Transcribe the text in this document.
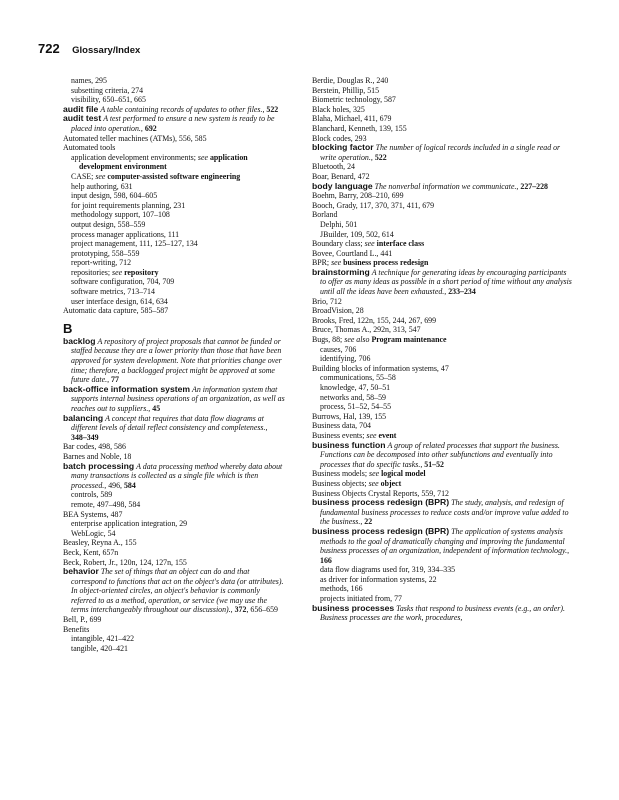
722 Glossary/Index
names, 295
subsetting criteria, 274
visibility, 650–651, 665
audit file A table containing records of updates to other files., 522
audit test A test performed to ensure a new system is ready to be placed into operation., 692
Automated teller machines (ATMs), 556, 585
Automated tools
application development environments; see application development environment
CASE; see computer-assisted software engineering
help authoring, 631
input design, 598, 604–605
for joint requirements planning, 231
methodology support, 107–108
output design, 558–559
process manager applications, 111
project management, 111, 125–127, 134
prototyping, 558–559
report-writing, 712
repositories; see repository
software configuration, 704, 709
software metrics, 713–714
user interface design, 614, 634
Automatic data capture, 585–587
B
backlog A repository of project proposals that cannot be funded or staffed because they are a lower priority than those that have been approved for system development. Note that priorities change over time; therefore, a backlogged project might be approved at some future date., 77
back-office information system An information system that supports internal business operations of an organization, as well as reaches out to suppliers., 45
balancing A concept that requires that data flow diagrams at different levels of detail reflect consistency and completeness., 348–349
Bar codes, 498, 586
Barnes and Noble, 18
batch processing A data processing method whereby data about many transactions is collected as a single file which is then processed., 496, 584
controls, 589
remote, 497–498, 584
BEA Systems, 487
enterprise application integration, 29
WebLogic, 54
Beasley, Reyna A., 155
Beck, Kent, 657n
Beck, Robert, Jr., 120n, 124, 127n, 155
behavior The set of things that an object can do and that correspond to functions that act on the object's data (or attributes). In object-oriented circles, an object's behavior is commonly referred to as a method, operation, or service (we may use the terms interchangeably throughout our discussion)., 372, 656–659
Bell, P., 699
Benefits
intangible, 421–422
tangible, 420–421
Berdie, Douglas R., 240
Berstein, Phillip, 515
Biometric technology, 587
Black holes, 325
Blaha, Michael, 411, 679
Blanchard, Kenneth, 139, 155
Block codes, 293
blocking factor The number of logical records included in a single read or write operation., 522
Bluetooth, 24
Boar, Benard, 472
body language The nonverbal information we communicate., 227–228
Boehm, Barry, 208–210, 699
Booch, Grady, 117, 370, 371, 411, 679
Borland
Delphi, 501
JBuilder, 109, 502, 614
Boundary class; see interface class
Bovee, Courtland L., 441
BPR; see business process redesign
brainstorming A technique for generating ideas by encouraging participants to offer as many ideas as possible in a short period of time without any analysis until all the ideas have been exhausted., 233–234
Brio, 712
BroadVision, 28
Brooks, Fred, 122n, 155, 244, 267, 699
Bruce, Thomas A., 292n, 313, 547
Bugs, 88; see also Program maintenance
causes, 706
identifying, 706
Building blocks of information systems, 47
communications, 55–58
knowledge, 47, 50–51
networks and, 58–59
process, 51–52, 54–55
Burrows, Hal, 139, 155
Business data, 704
Business events; see event
business function A group of related processes that support the business. Functions can be decomposed into other subfunctions and eventually into processes that do specific tasks., 51–52
Business models; see logical model
Business objects; see object
Business Objects Crystal Reports, 559, 712
business process redesign (BPR) The study, analysis, and redesign of fundamental business processes to reduce costs and/or improve value added to the business., 22
business process redesign (BPR) The application of systems analysis methods to the goal of dramatically changing and improving the fundamental business processes of an organization, independent of information technology., 166
data flow diagrams used for, 319, 334–335
as driver for information systems, 22
methods, 166
projects initiated from, 77
business processes Tasks that respond to business events (e.g., an order). Business processes are the work, procedures,
